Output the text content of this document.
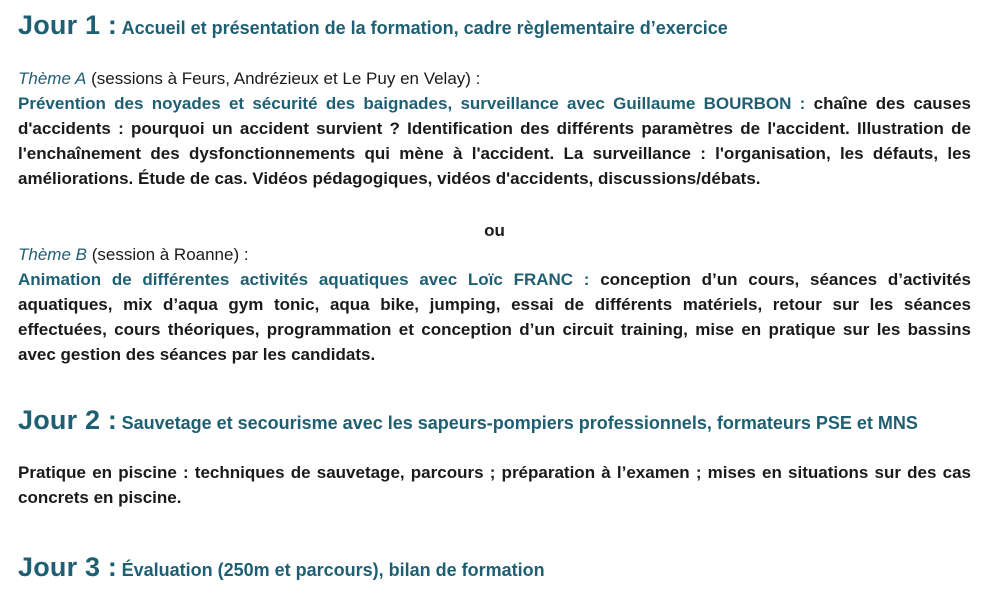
Jour 1 : Accueil et présentation de la formation, cadre règlementaire d’exercice
Thème A (sessions à Feurs, Andrézieux et Le Puy en Velay) :
Prévention des noyades et sécurité des baignades, surveillance avec Guillaume BOURBON : chaîne des causes d'accidents : pourquoi un accident survient ? Identification des différents paramètres de l'accident. Illustration de l'enchaînement des dysfonctionnements qui mène à l'accident. La surveillance : l'organisation, les défauts, les améliorations. Étude de cas. Vidéos pédagogiques, vidéos d'accidents, discussions/débats.
ou
Thème B (session à Roanne) :
Animation de différentes activités aquatiques avec Loïc FRANC : conception d’un cours, séances d’activités aquatiques, mix d’aqua gym tonic, aqua bike, jumping, essai de différents matériels, retour sur les séances effectuées, cours théoriques, programmation et conception d’un circuit training, mise en pratique sur les bassins avec gestion des séances par les candidats.
Jour 2 : Sauvetage et secourisme avec les sapeurs-pompiers professionnels, formateurs PSE et MNS
Pratique en piscine : techniques de sauvetage, parcours ; préparation à l’examen ; mises en situations sur des cas concrets en piscine.
Jour 3 : Évaluation (250m et parcours), bilan de formation
